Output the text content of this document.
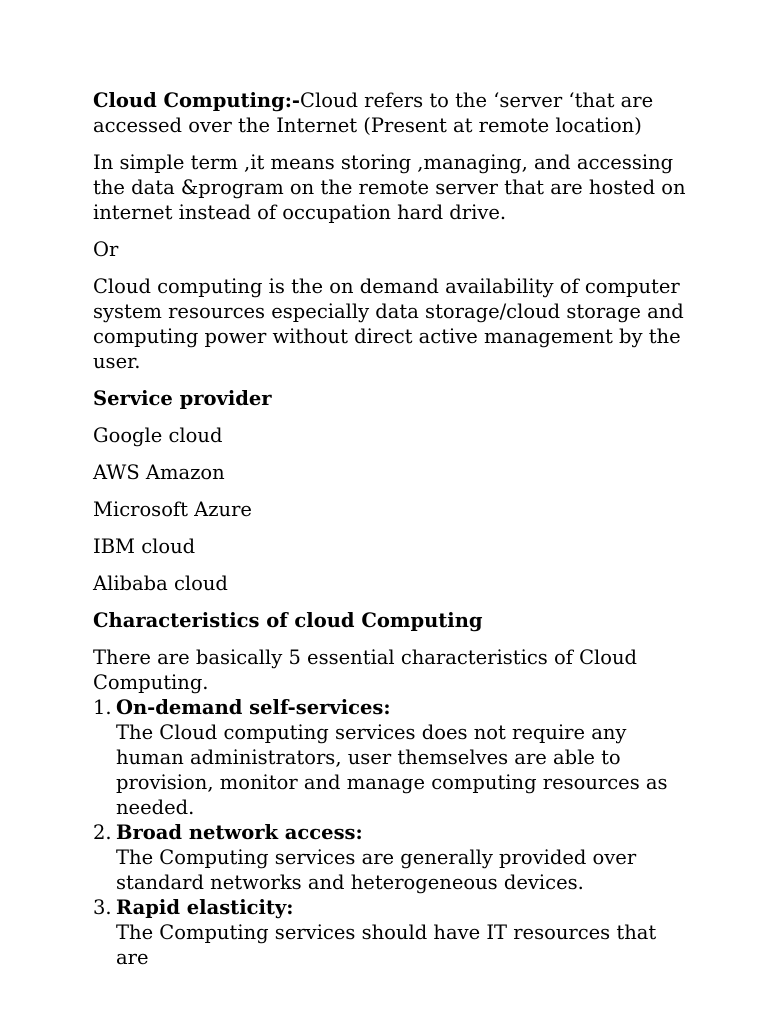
Cloud Computing:-Cloud refers to the ‘server ‘that are accessed over the Internet (Present at remote location)

In simple term ,it means storing ,managing, and accessing the data &program on the remote server that are hosted on internet instead of occupation hard drive.

Or

Cloud computing is the on demand availability of computer system resources especially data storage/cloud storage and computing power without direct active management by the user.

Service provider

Google cloud

AWS Amazon

Microsoft Azure

IBM cloud

Alibaba cloud

Characteristics of cloud Computing

There are basically 5 essential characteristics of Cloud Computing.

1. On-demand self-services:
The Cloud computing services does not require any human administrators, user themselves are able to provision, monitor and manage computing resources as needed.
2. Broad network access:
The Computing services are generally provided over standard networks and heterogeneous devices.
3. Rapid elasticity:
The Computing services should have IT resources that are
